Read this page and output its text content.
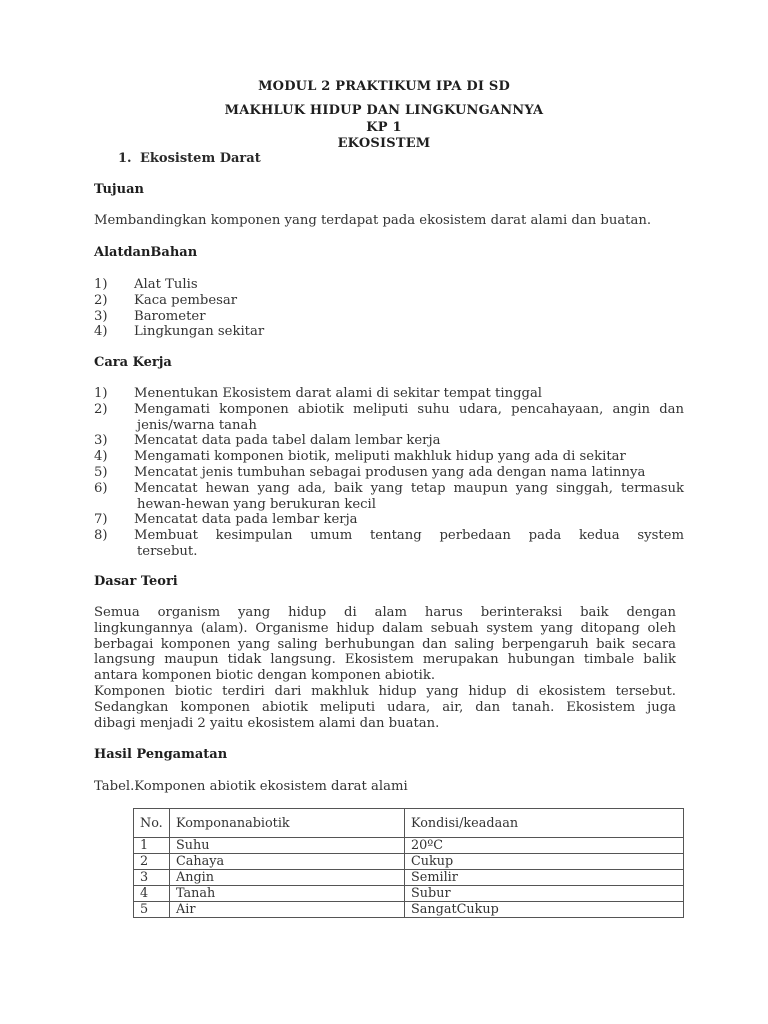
MODUL 2 PRAKTIKUM IPA DI SD
MAKHLUK HIDUP DAN LINGKUNGANNYA
KP 1
EKOSISTEM
1. Ekosistem Darat
Tujuan
Membandingkan komponen yang terdapat pada ekosistem darat alami dan buatan.
AlatdanBahan
1)	Alat Tulis
2)	Kaca pembesar
3)	Barometer
4)	Lingkungan sekitar
Cara Kerja
1)	Menentukan Ekosistem darat alami di sekitar tempat tinggal
2)	Mengamati komponen abiotik meliputi suhu udara, pencahayaan, angin dan
jenis/warna tanah
3)	Mencatat data pada tabel dalam lembar kerja
4)	Mengamati komponen biotik, meliputi makhluk hidup yang ada di sekitar
5)	Mencatat jenis tumbuhan sebagai produsen yang ada dengan nama latinnya
6)	Mencatat hewan yang ada, baik yang tetap maupun yang singgah, termasuk
hewan-hewan yang berukuran kecil
7)	Mencatat data pada lembar kerja
8)	Membuat kesimpulan umum tentang perbedaan pada kedua system
tersebut.
Dasar Teori
Semua organism yang hidup di alam harus berinteraksi baik dengan
lingkungannya (alam). Organisme hidup dalam sebuah system yang ditopang oleh
berbagai komponen yang saling berhubungan dan saling berpengaruh baik secara
langsung maupun tidak langsung. Ekosistem merupakan hubungan timbale balik
antara komponen biotic dengan komponen abiotik.
Komponen biotic terdiri dari makhluk hidup yang hidup di ekosistem tersebut.
Sedangkan komponen abiotik meliputi udara, air, dan tanah. Ekosistem juga
dibagi menjadi 2 yaitu ekosistem alami dan buatan.
Hasil Pengamatan
Tabel.Komponen abiotik ekosistem darat alami
No.	Komponanabiotik	Kondisi/keadaan
1	Suhu	20ºC
2	Cahaya	Cukup
3	Angin	Semilir
4	Tanah	Subur
5	Air	SangatCukup
